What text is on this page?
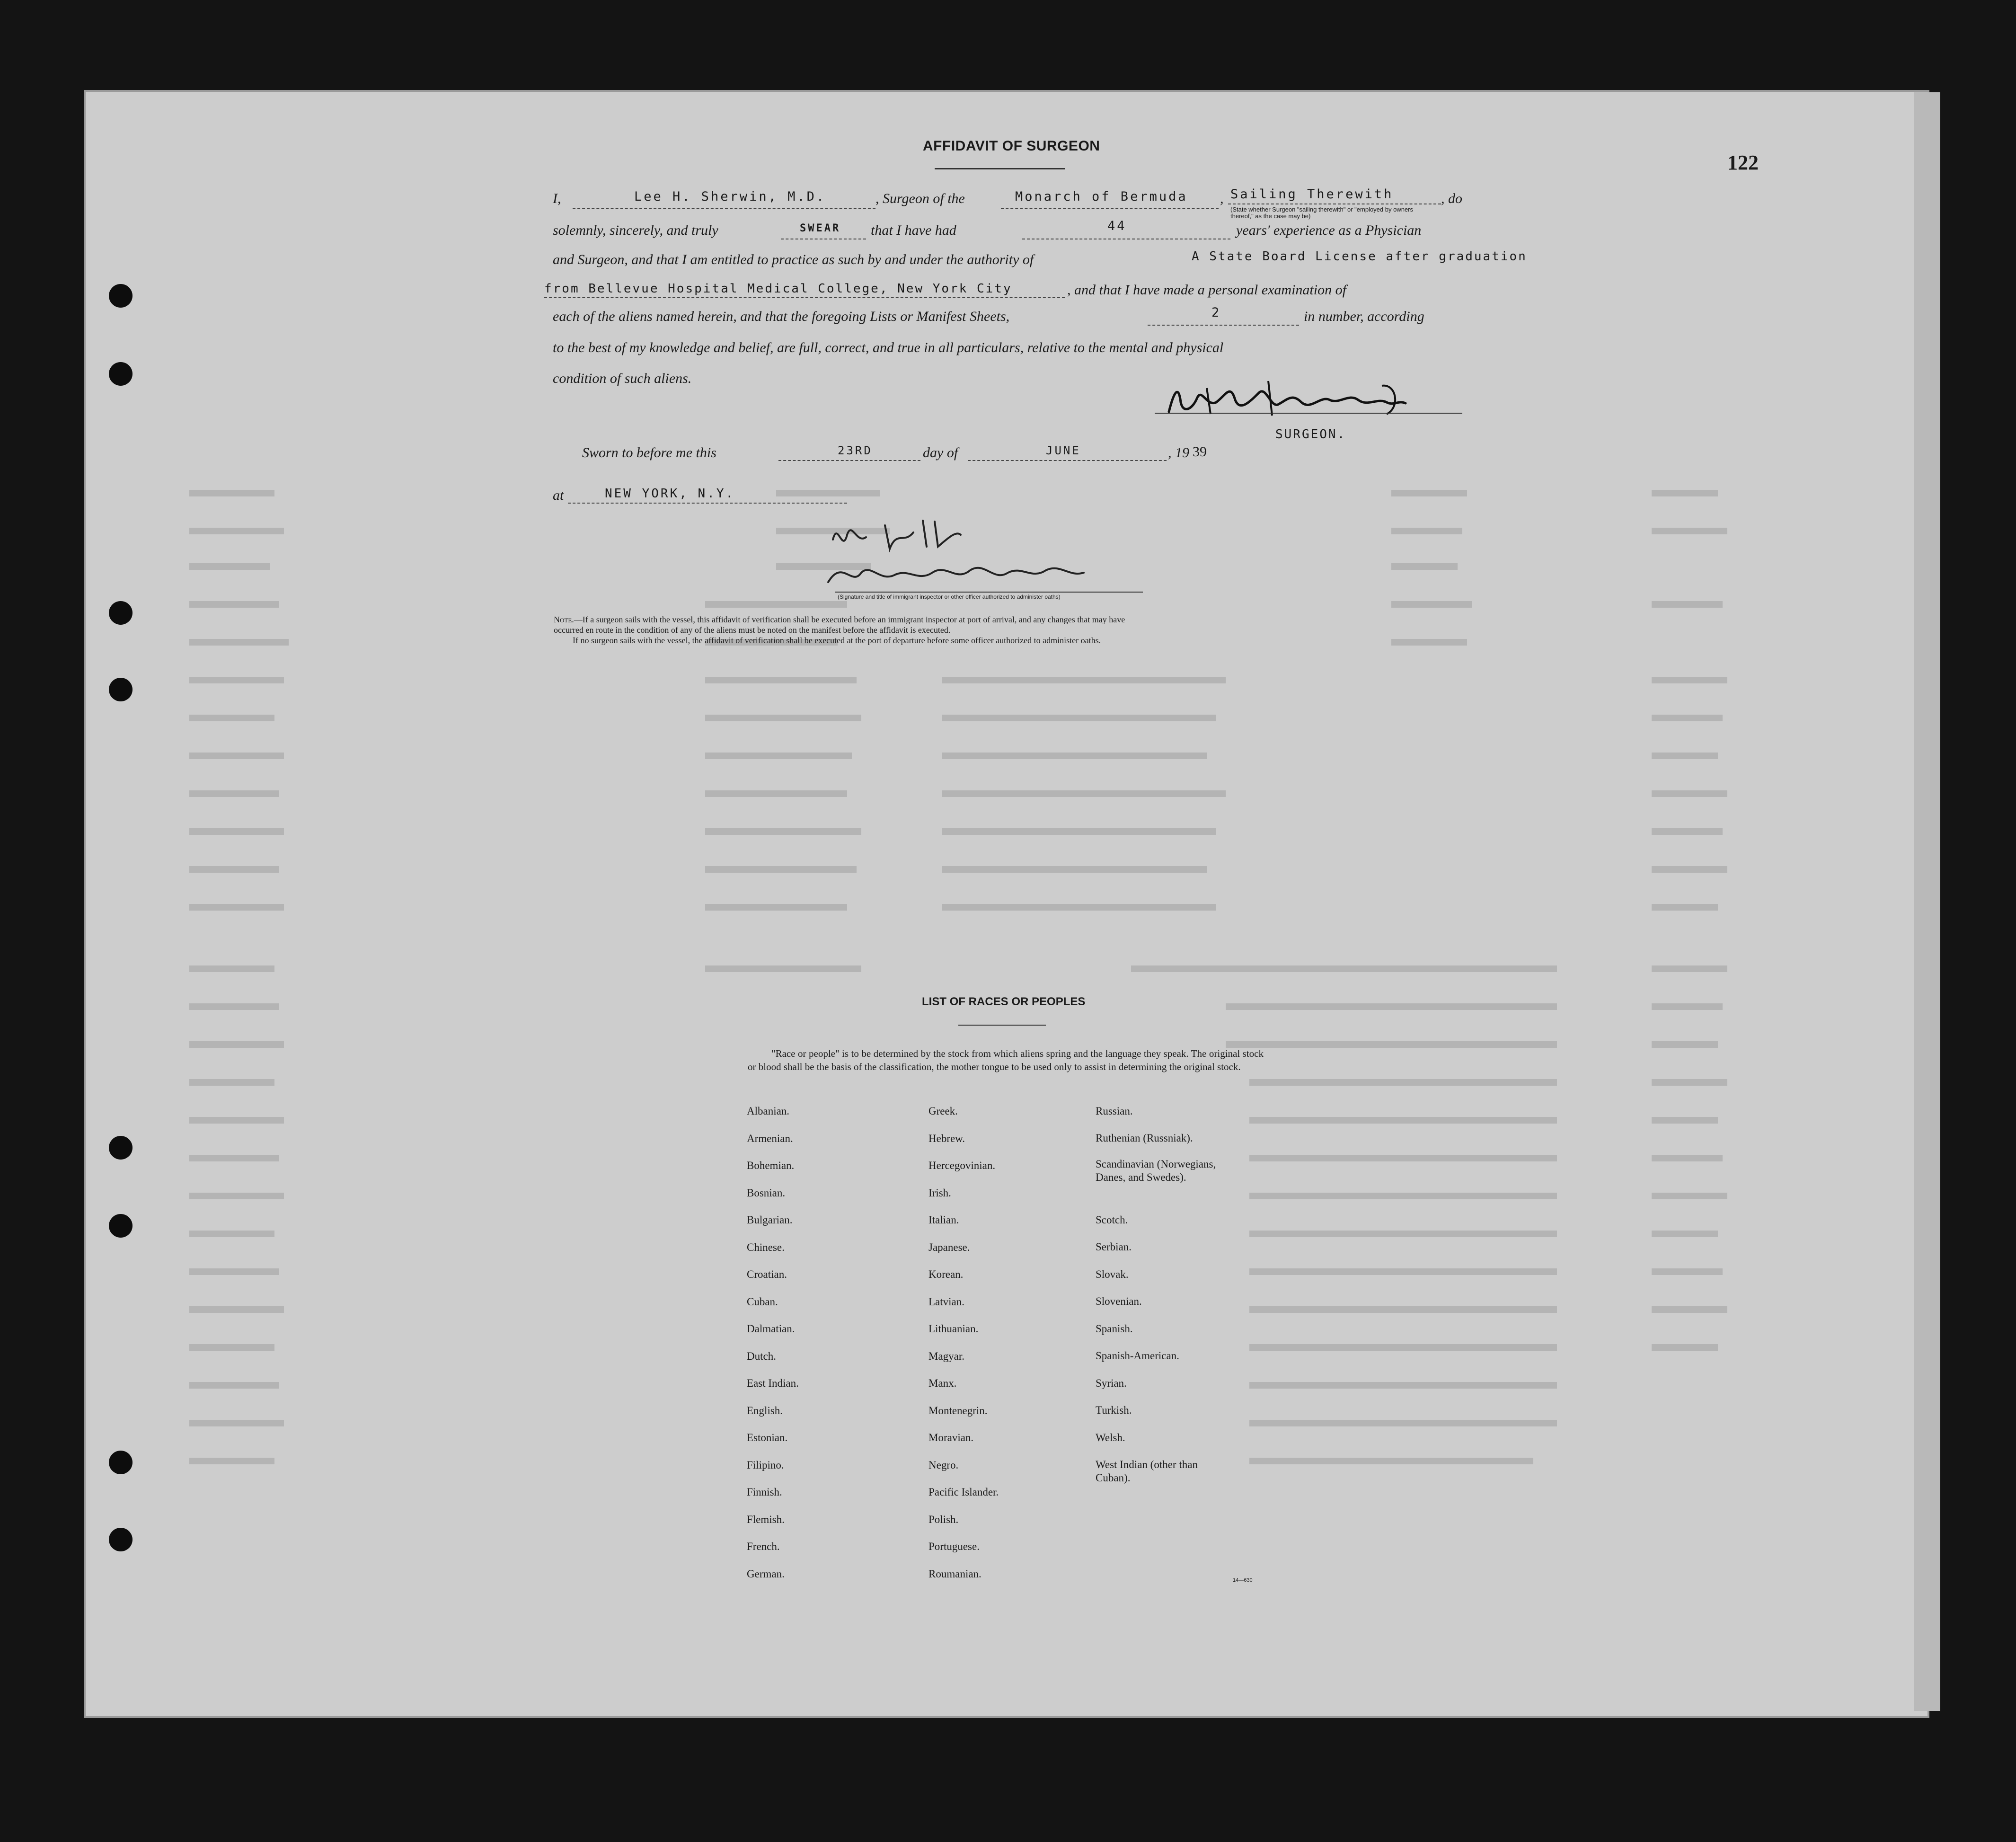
122
AFFIDAVIT OF SURGEON
I,	Lee H. Sherwin, M.D.	, Surgeon of the	Monarch of Bermuda , Sailing Therewith
(State whether Surgeon "sailing therewith" or "employed by owners thereof," as the case may be)
, do
solemnly, sincerely, and truly	SWEAR that I have had	44	years' experience as a Physician
and Surgeon, and that I am entitled to practice as such by and under the authority of	A State Board License after graduation
from Bellevue Hospital Medical College, New York City	, and that I have made a personal examination of
each of the aliens named herein, and that the foregoing Lists or Manifest Sheets,	2	in number, according
to the best of my knowledge and belief, are full, correct, and true in all particulars, relative to the mental and physical
condition of such aliens.
SURGEON.
Sworn to before me this	23RD	day of	JUNE	, 19 39
at	NEW YORK, N.Y.
(Signature and title of immigrant inspector or other officer authorized to administer oaths)
Note.—If a surgeon sails with the vessel, this affidavit of verification shall be executed before an immigrant inspector at port of arrival, and any changes that may have
occurred en route in the condition of any of the aliens must be noted on the manifest before the affidavit is executed.
If no surgeon sails with the vessel, the affidavit of verification shall be executed at the port of departure before some officer authorized to administer oaths.
LIST OF RACES OR PEOPLES
"Race or people" is to be determined by the stock from which aliens spring and the language they speak. The original stock or blood shall be the basis of the classification, the mother tongue to be used only to assist in determining the original stock.
Albanian.
Armenian.
Bohemian.
Bosnian.
Bulgarian.
Chinese.
Croatian.
Cuban.
Dalmatian.
Dutch.
East Indian.
English.
Estonian.
Filipino.
Finnish.
Flemish.
French.
German.
Greek.
Hebrew.
Hercegovinian.
Irish.
Italian.
Japanese.
Korean.
Latvian.
Lithuanian.
Magyar.
Manx.
Montenegrin.
Moravian.
Negro.
Pacific Islander.
Polish.
Portuguese.
Roumanian.
Russian.
Ruthenian (Russniak).
Scandinavian (Norwegians,
Danes, and Swedes).
Scotch.
Serbian.
Slovak.
Slovenian.
Spanish.
Spanish-American.
Syrian.
Turkish.
Welsh.
West Indian (other than
Cuban).
14—630
